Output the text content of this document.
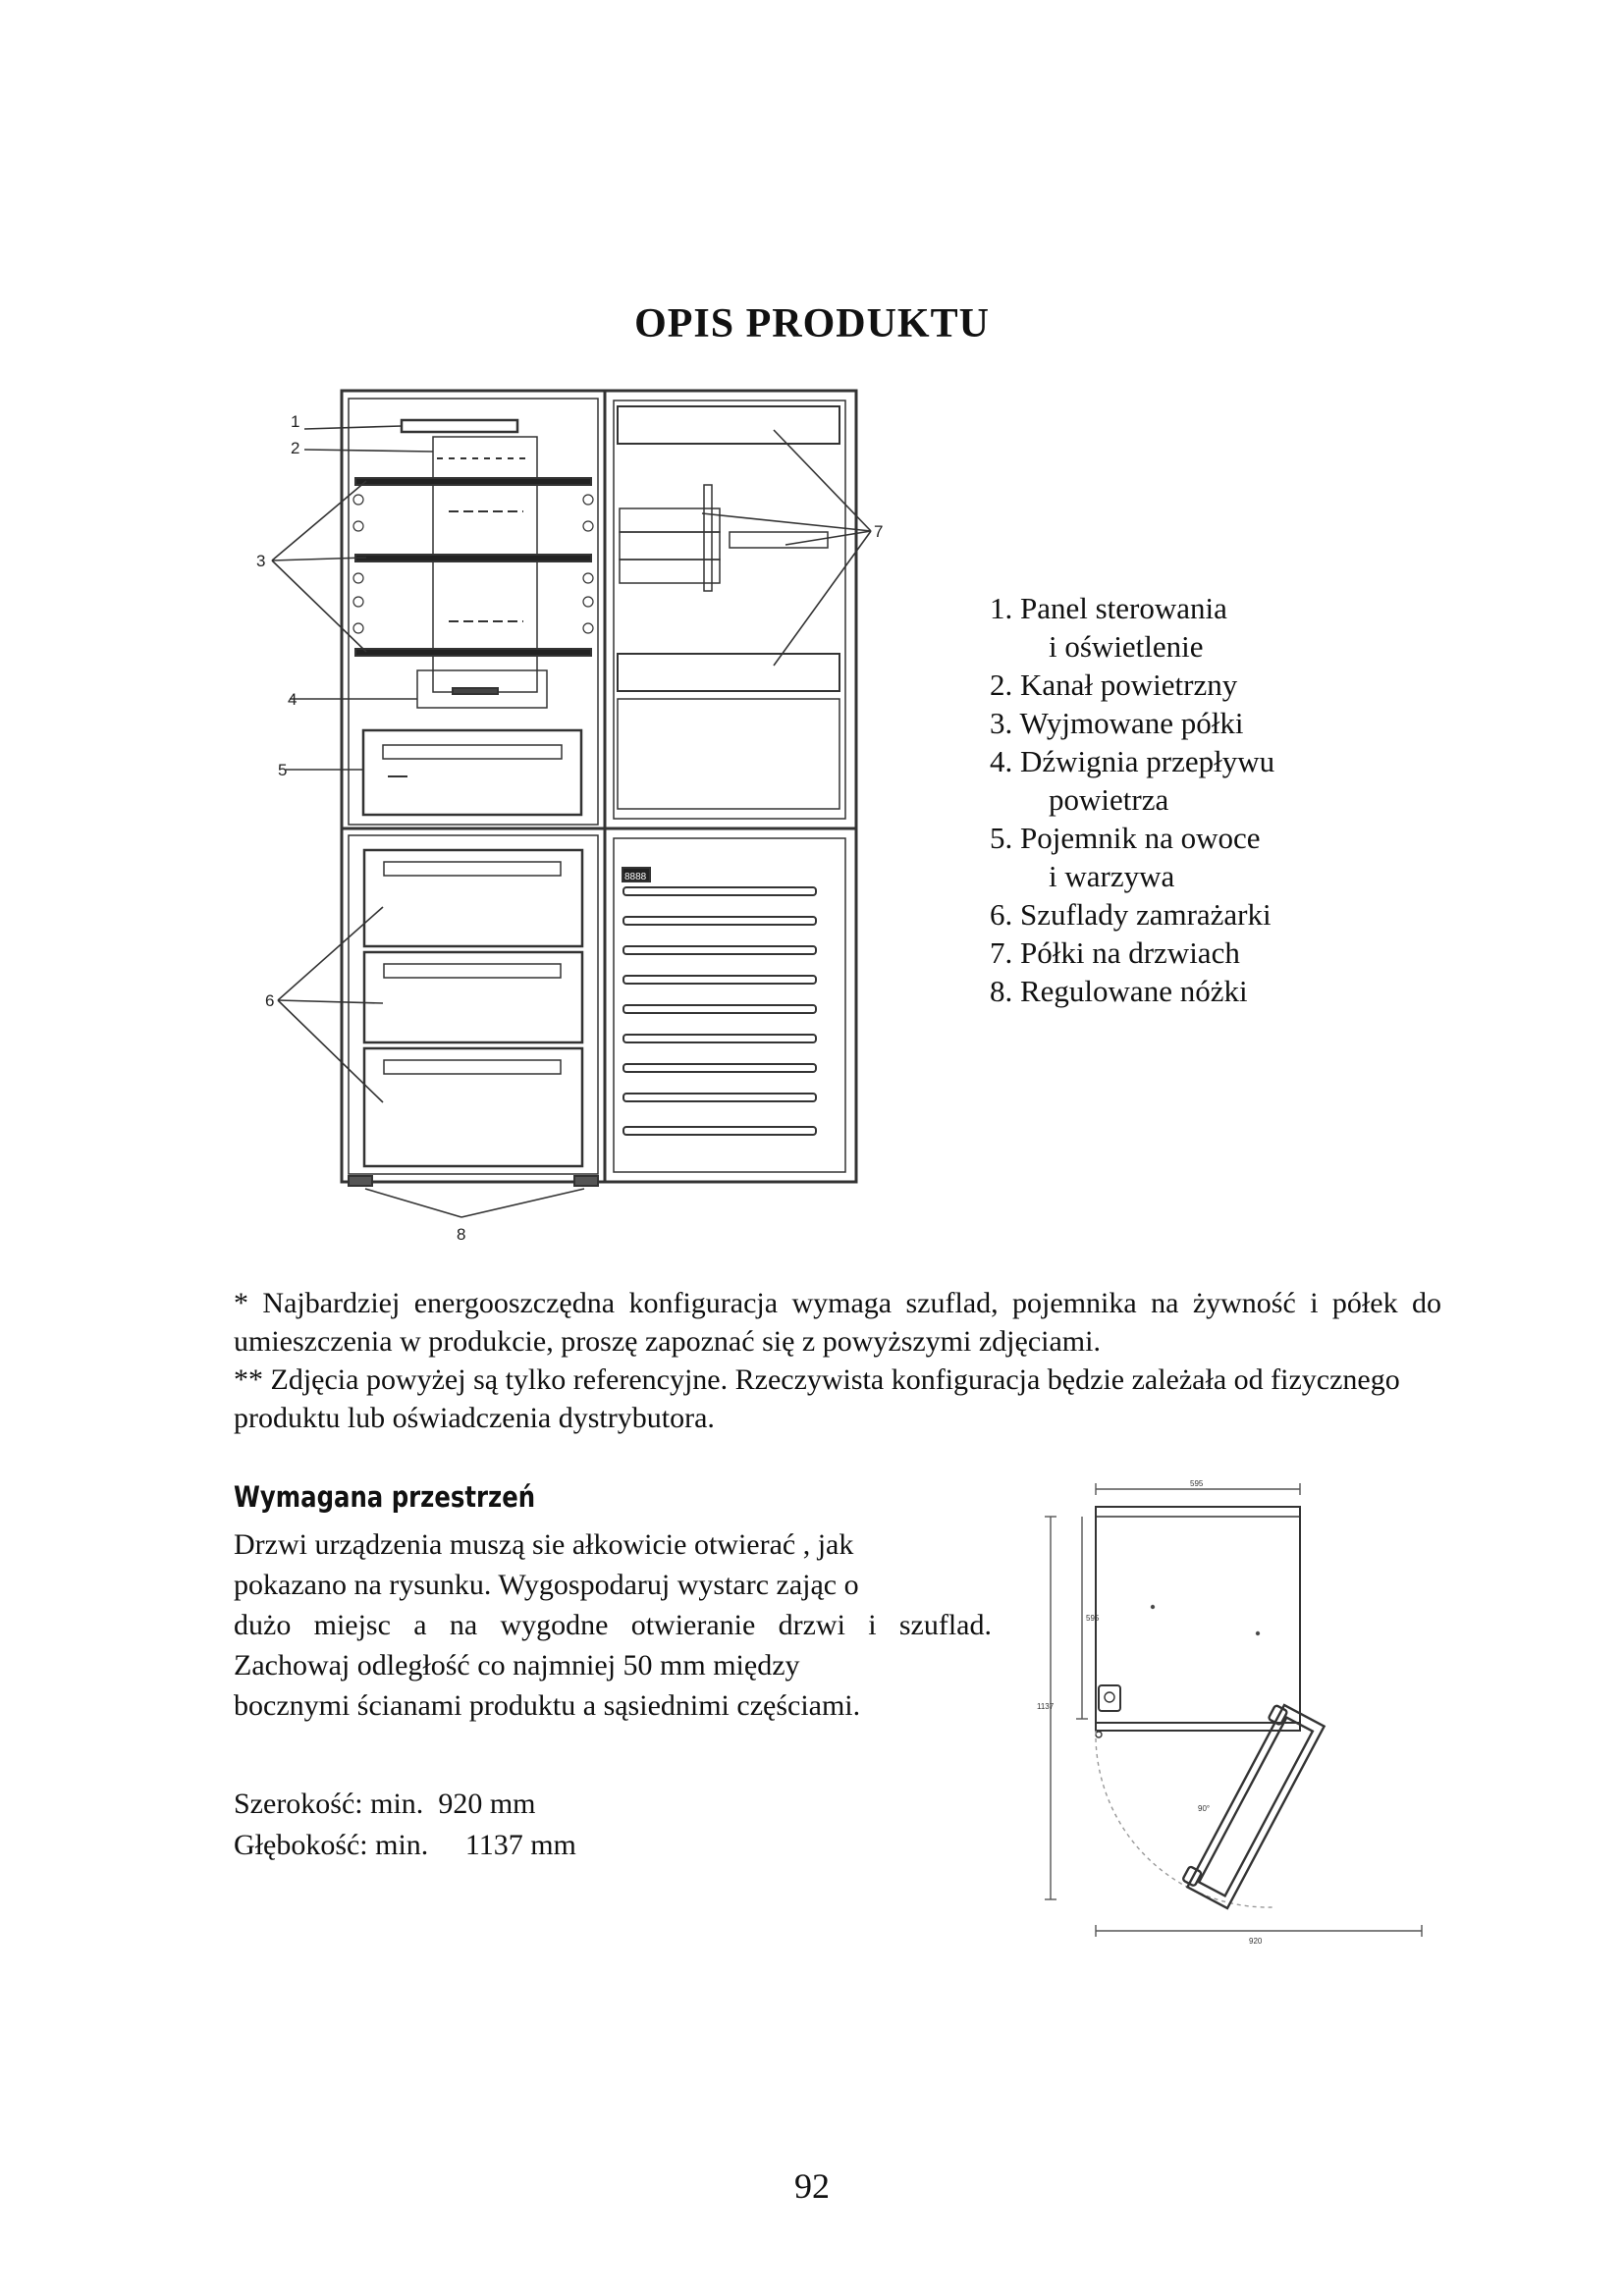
OPIS PRODUKTU
8888
1
2
3
4
5
6
7
8
1. Panel sterowania
i oświetlenie
2. Kanał powietrzny
3. Wyjmowane półki
4. Dźwignia przepływu
powietrza
5. Pojemnik na owoce
i warzywa
6. Szuflady zamrażarki
7. Półki na drzwiach
8. Regulowane nóżki

* Najbardziej energooszczędna konfiguracja wymaga szuflad, pojemnika na żywność i półek do umieszczenia w produkcie, proszę zapoznać się z powyższymi zdjęciami.

** Zdjęcia powyżej są tylko referencyjne. Rzeczywista konfiguracja będzie zależała od fizycznego produktu lub oświadczenia dystrybutora.

Wymagana przestrzeń

Drzwi urządzenia muszą sie ałkowicie otwierać , jak

pokazano na rysunku. Wygospodaruj wystarc zając o

dużo miejsc a na wygodne otwieranie drzwi i szuflad.

Zachowaj odległość co najmniej 50 mm między

bocznymi ścianami produktu a sąsiednimi częściami.

Szerokość: min. 920 mm
Głębokość: min. 1137 mm
595
595
1137
920
90°
92
